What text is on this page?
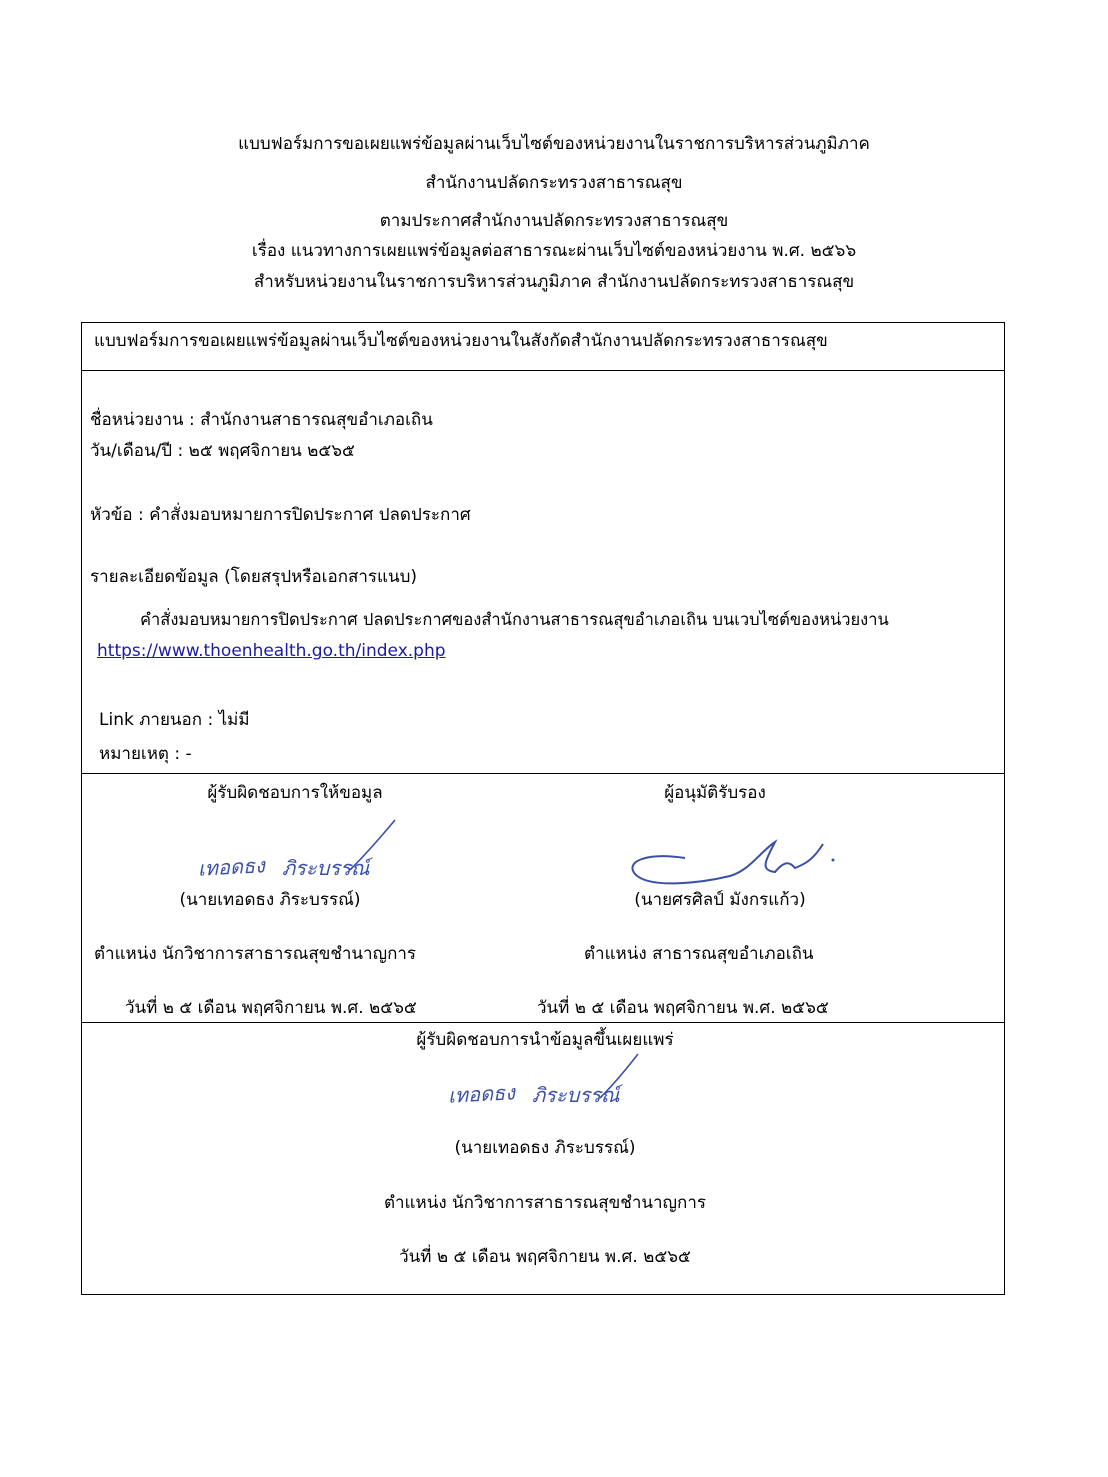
แบบฟอร์มการขอเผยแพร่ข้อมูลผ่านเว็บไซต์ของหน่วยงานในราชการบริหารส่วนภูมิภาค
สำนักงานปลัดกระทรวงสาธารณสุข
ตามประกาศสำนักงานปลัดกระทรวงสาธารณสุข
เรื่อง แนวทางการเผยแพร่ข้อมูลต่อสาธารณะผ่านเว็บไซต์ของหน่วยงาน พ.ศ. ๒๕๖๖
สำหรับหน่วยงานในราชการบริหารส่วนภูมิภาค สำนักงานปลัดกระทรวงสาธารณสุข
แบบฟอร์มการขอเผยแพร่ข้อมูลผ่านเว็บไซต์ของหน่วยงานในสังกัดสำนักงานปลัดกระทรวงสาธารณสุข
ชื่อหน่วยงาน : สำนักงานสาธารณสุขอำเภอเถิน
วัน/เดือน/ปี : ๒๕ พฤศจิกายน ๒๕๖๕
หัวข้อ : คำสั่งมอบหมายการปิดประกาศ ปลดประกาศ
รายละเอียดข้อมูล (โดยสรุปหรือเอกสารแนบ)
คำสั่งมอบหมายการปิดประกาศ ปลดประกาศของสำนักงานสาธารณสุขอำเภอเถิน บนเวบไซต์ของหน่วยงาน
https://www.thoenhealth.go.th/index.php
Link ภายนอก : ไม่มี
หมายเหตุ : -
ผู้รับผิดชอบการให้ขอมูล
เทอดธง ภิระบรรณ์
(นายเทอดธง ภิระบรรณ์)
ตำแหน่ง นักวิชาการสาธารณสุขชำนาญการ
วันที่ ๒ ๕ เดือน พฤศจิกายน พ.ศ. ๒๕๖๕
ผู้อนุมัติรับรอง
(นายศรศิลป์ มังกรแก้ว)
ตำแหน่ง สาธารณสุขอำเภอเถิน
วันที่ ๒ ๕ เดือน พฤศจิกายน พ.ศ. ๒๕๖๕
ผู้รับผิดชอบการนำข้อมูลขึ้นเผยแพร่
เทอดธง ภิระบรรณ์
(นายเทอดธง ภิระบรรณ์)
ตำแหน่ง นักวิชาการสาธารณสุขชำนาญการ
วันที่ ๒ ๕ เดือน พฤศจิกายน พ.ศ. ๒๕๖๕
